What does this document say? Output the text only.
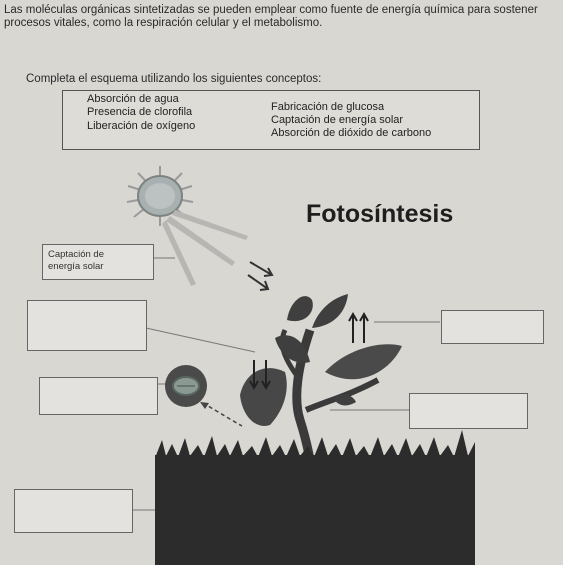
Las moléculas orgánicas sintetizadas se pueden emplear como fuente de energía química para sostener procesos vitales, como la respiración celular y el metabolismo.
Completa el esquema utilizando los siguientes conceptos:
Absorción de agua
Presencia de clorofila
Liberación de oxígeno
Fabricación de glucosa
Captación de energía solar
Absorción de dióxido de carbono
Fotosíntesis
Captación de
energía solar
